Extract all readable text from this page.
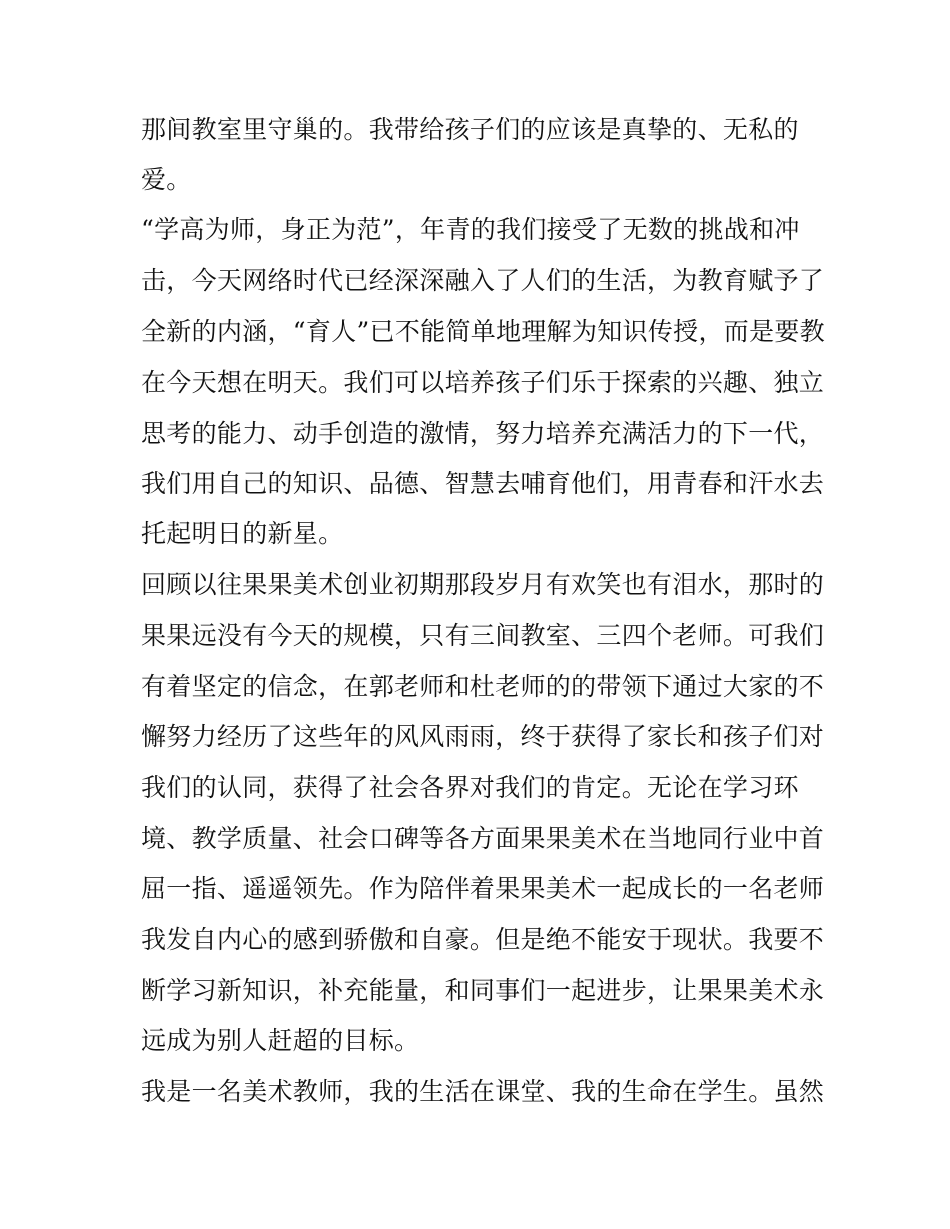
那间教室里守巢的。我带给孩子们的应该是真挚的、无私的
爱。
“学高为师，身正为范”，年青的我们接受了无数的挑战和冲
击，今天网络时代已经深深融入了人们的生活，为教育赋予了
全新的内涵，“育人”已不能简单地理解为知识传授，而是要教
在今天想在明天。我们可以培养孩子们乐于探索的兴趣、独立
思考的能力、动手创造的激情，努力培养充满活力的下一代，
我们用自己的知识、品德、智慧去哺育他们，用青春和汗水去
托起明日的新星。
回顾以往果果美术创业初期那段岁月有欢笑也有泪水，那时的
果果远没有今天的规模，只有三间教室、三四个老师。可我们
有着坚定的信念，在郭老师和杜老师的的带领下通过大家的不
懈努力经历了这些年的风风雨雨，终于获得了家长和孩子们对
我们的认同，获得了社会各界对我们的肯定。无论在学习环
境、教学质量、社会口碑等各方面果果美术在当地同行业中首
屈一指、遥遥领先。作为陪伴着果果美术一起成长的一名老师
我发自内心的感到骄傲和自豪。但是绝不能安于现状。我要不
断学习新知识，补充能量，和同事们一起进步，让果果美术永
远成为别人赶超的目标。
我是一名美术教师，我的生活在课堂、我的生命在学生。虽然
